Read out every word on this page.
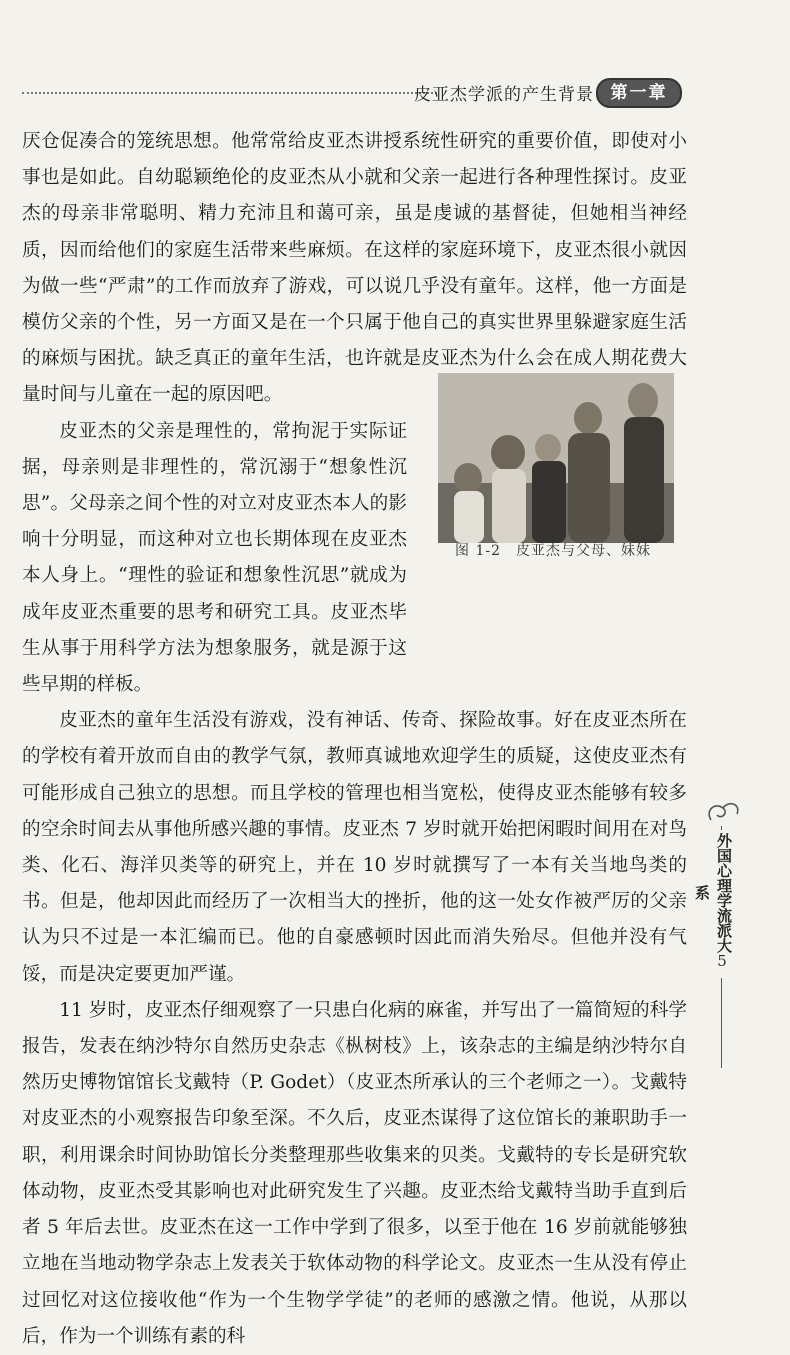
皮亚杰学派的产生背景 第一章

厌仓促凑合的笼统思想。他常常给皮亚杰讲授系统性研究的重要价值，即使对小事也是如此。自幼聪颖绝伦的皮亚杰从小就和父亲一起进行各种理性探讨。皮亚杰的母亲非常聪明、精力充沛且和蔼可亲，虽是虔诚的基督徒，但她相当神经质，因而给他们的家庭生活带来些麻烦。在这样的家庭环境下，皮亚杰很小就因为做一些“严肃”的工作而放弃了游戏，可以说几乎没有童年。这样，他一方面是模仿父亲的个性，另一方面又是在一个只属于他自己的真实世界里躲避家庭生活的麻烦与困扰。缺乏真正的童年生活，也许就是皮亚杰为什么会在成人期花费大量时间与儿童在一起的原因吧。

皮亚杰的父亲是理性的，常拘泥于实际证据，母亲则是非理性的，常沉溺于“想象性沉思”。父母亲之间个性的对立对皮亚杰本人的影响十分明显，而这种对立也长期体现在皮亚杰本人身上。“理性的验证和想象性沉思”就成为成年皮亚杰重要的思考和研究工具。皮亚杰毕生从事于用科学方法为想象服务，就是源于这些早期的样板。

皮亚杰的童年生活没有游戏，没有神话、传奇、探险故事。好在皮亚杰所在的学校有着开放而自由的教学气氛，教师真诚地欢迎学生的质疑，这使皮亚杰有可能形成自己独立的思想。而且学校的管理也相当宽松，使得皮亚杰能够有较多的空余时间去从事他所感兴趣的事情。皮亚杰 7 岁时就开始把闲暇时间用在对鸟类、化石、海洋贝类等的研究上，并在 10 岁时就撰写了一本有关当地鸟类的书。但是，他却因此而经历了一次相当大的挫折，他的这一处女作被严厉的父亲认为只不过是一本汇编而已。他的自豪感顿时因此而消失殆尽。但他并没有气馁，而是决定要更加严谨。

11 岁时，皮亚杰仔细观察了一只患白化病的麻雀，并写出了一篇简短的科学报告，发表在纳沙特尔自然历史杂志《枞树枝》上，该杂志的主编是纳沙特尔自然历史博物馆馆长戈戴特（P. Godet）（皮亚杰所承认的三个老师之一）。戈戴特对皮亚杰的小观察报告印象至深。不久后，皮亚杰谋得了这位馆长的兼职助手一职，利用课余时间协助馆长分类整理那些收集来的贝类。戈戴特的专长是研究软体动物，皮亚杰受其影响也对此研究发生了兴趣。皮亚杰给戈戴特当助手直到后者 5 年后去世。皮亚杰在这一工作中学到了很多，以至于他在 16 岁前就能够独立地在当地动物学杂志上发表关于软体动物的科学论文。皮亚杰一生从没有停止过回忆对这位接收他“作为一个生物学学徒”的老师的感激之情。他说，从那以后，作为一个训练有素的科

图 1-2　皮亚杰与父母、妹妹
外国心理学流派大系
5
